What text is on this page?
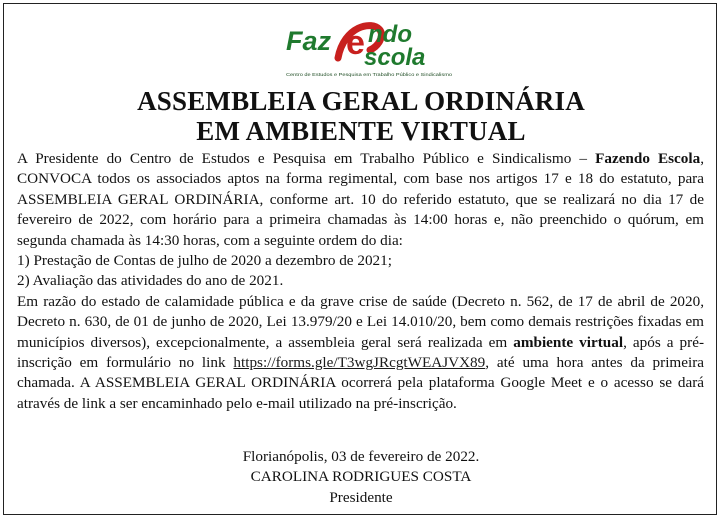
Faz e ndo
scola
Centro de Estudos e Pesquisa em Trabalho Público e Sindicalismo
ASSEMBLEIA GERAL ORDINÁRIA
EM AMBIENTE VIRTUAL

A Presidente do Centro de Estudos e Pesquisa em Trabalho Público e Sindicalismo – Fazendo Escola, CONVOCA todos os associados aptos na forma regimental, com base nos artigos 17 e 18 do estatuto, para ASSEMBLEIA GERAL ORDINÁRIA, conforme art. 10 do referido estatuto, que se realizará no dia 17 de fevereiro de 2022, com horário para a primeira chamadas às 14:00 horas e, não preenchido o quórum, em segunda chamada às 14:30 horas, com a seguinte ordem do dia:

1) Prestação de Contas de julho de 2020 a dezembro de 2021;

2) Avaliação das atividades do ano de 2021.

Em razão do estado de calamidade pública e da grave crise de saúde (Decreto n. 562, de 17 de abril de 2020, Decreto n. 630, de 01 de junho de 2020, Lei 13.979/20 e Lei 14.010/20, bem como demais restrições fixadas em municípios diversos), excepcionalmente, a assembleia geral será realizada em ambiente virtual, após a pré-inscrição em formulário no link https://forms.gle/T3wgJRcgtWEAJVX89, até uma hora antes da primeira chamada. A ASSEMBLEIA GERAL ORDINÁRIA ocorrerá pela plataforma Google Meet e o acesso se dará através de link a ser encaminhado pelo e-mail utilizado na pré-inscrição.

Florianópolis, 03 de fevereiro de 2022.
CAROLINA RODRIGUES COSTA
Presidente
